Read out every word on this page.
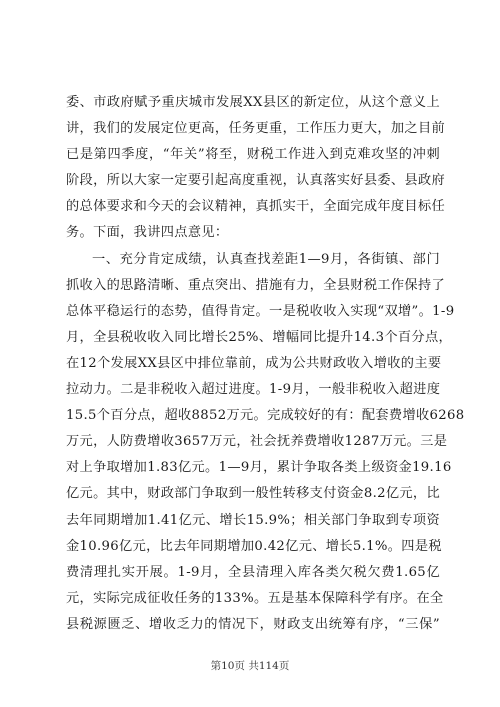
委、市政府赋予重庆城市发展XX县区的新定位，从这个意义上
讲，我们的发展定位更高，任务更重，工作压力更大，加之目前
已是第四季度，“年关”将至，财税工作进入到克难攻坚的冲刺
阶段，所以大家一定要引起高度重视，认真落实好县委、县政府
的总体要求和今天的会议精神，真抓实干，全面完成年度目标任
务。下面，我讲四点意见：
一、充分肯定成绩，认真查找差距1—9月，各街镇、部门
抓收入的思路清晰、重点突出、措施有力，全县财税工作保持了
总体平稳运行的态势，值得肯定。一是税收收入实现“双增”。1-9
月，全县税收收入同比增长25%、增幅同比提升14.3个百分点，
在12个发展XX县区中排位靠前，成为公共财政收入增收的主要
拉动力。二是非税收入超过进度。1-9月，一般非税收入超进度
15.5个百分点，超收8852万元。完成较好的有：配套费增收6268
万元，人防费增收3657万元，社会抚养费增收1287万元。三是
对上争取增加1.83亿元。1—9月，累计争取各类上级资金19.16
亿元。其中，财政部门争取到一般性转移支付资金8.2亿元，比
去年同期增加1.41亿元、增长15.9%；相关部门争取到专项资
金10.96亿元，比去年同期增加0.42亿元、增长5.1%。四是税
费清理扎实开展。1-9月，全县清理入库各类欠税欠费1.65亿
元，实际完成征收任务的133%。五是基本保障科学有序。在全
县税源匮乏、增收乏力的情况下，财政支出统筹有序，“三保”
第10页 共114页
